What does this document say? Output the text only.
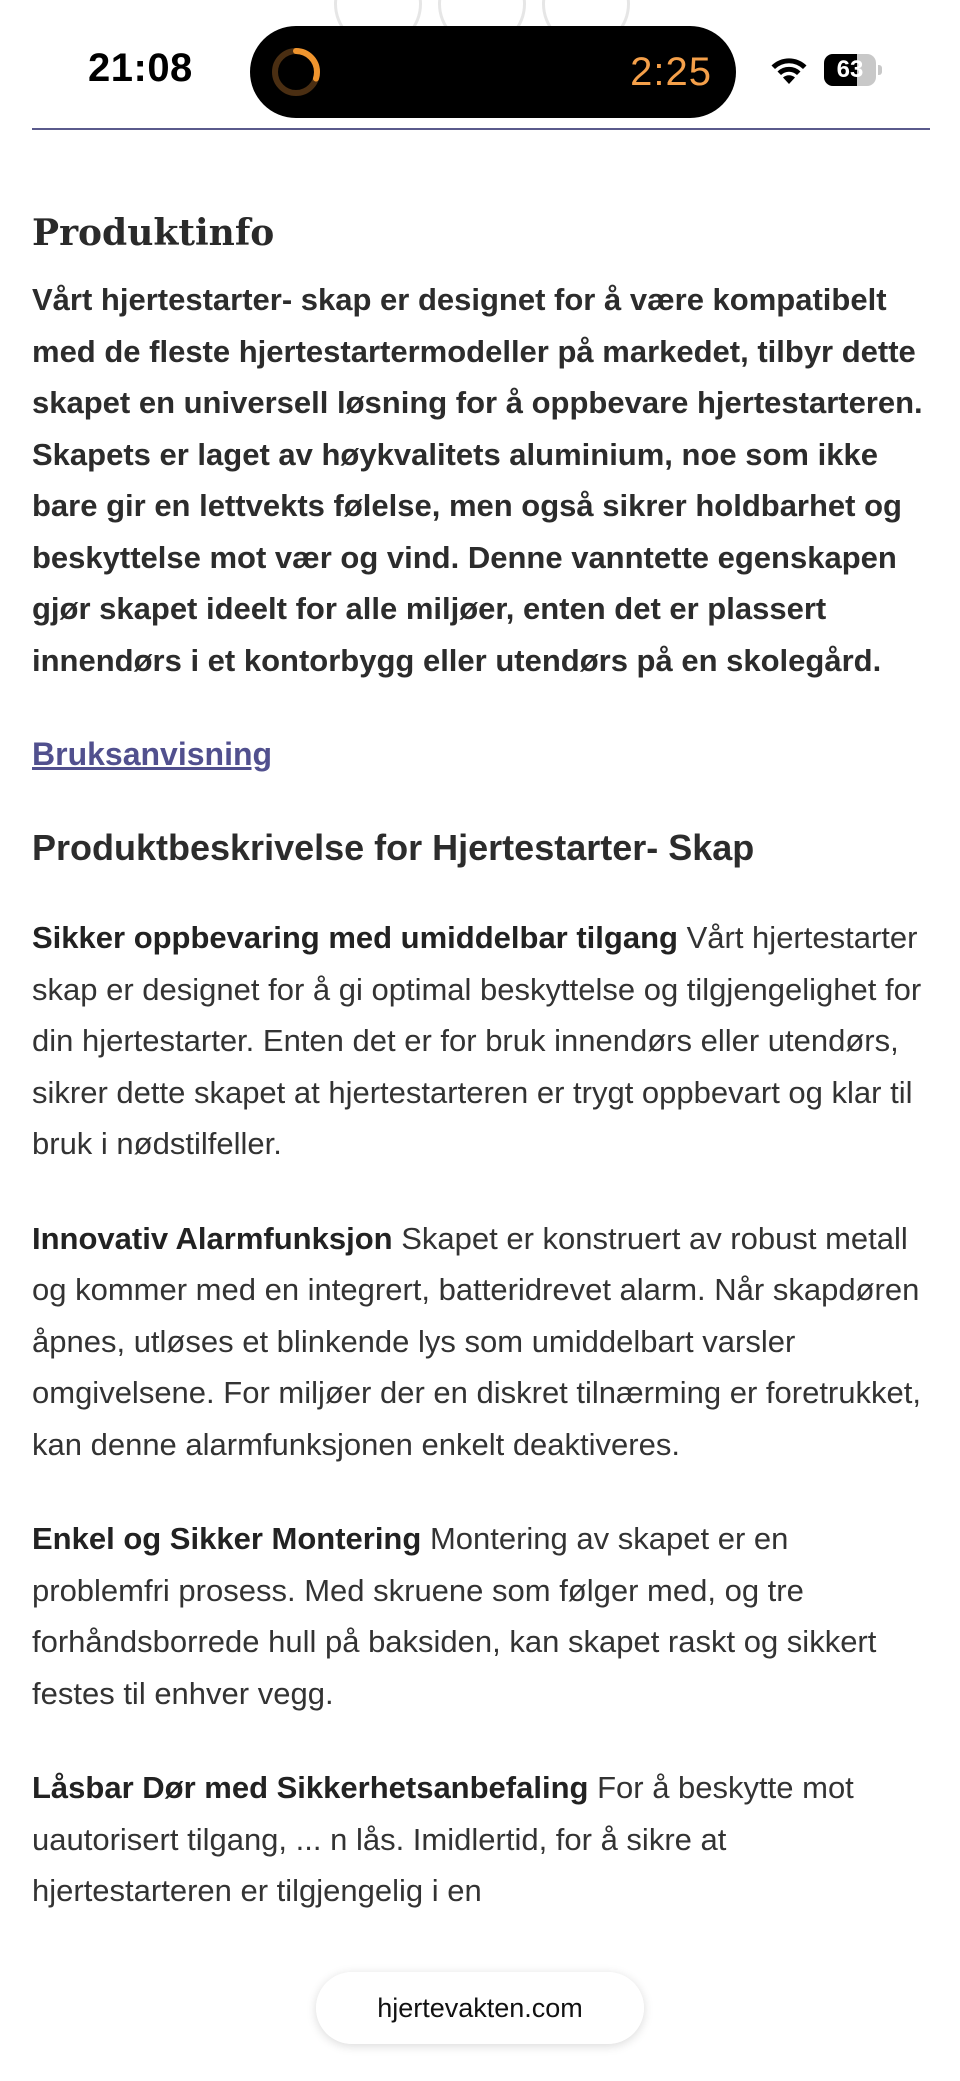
21:08	2:25	63
Produktinfo

Vårt hjertestarter- skap er designet for å være kompatibelt med de fleste hjertestartermodeller på markedet, tilbyr dette skapet en universell løsning for å oppbevare hjertestarteren. Skapets er laget av høykvalitets aluminium, noe som ikke bare gir en lettvekts følelse, men også sikrer holdbarhet og beskyttelse mot vær og vind. Denne vanntette egenskapen gjør skapet ideelt for alle miljøer, enten det er plassert innendørs i et kontorbygg eller utendørs på en skolegård.

Bruksanvisning
Produktbeskrivelse for Hjertestarter- Skap

Sikker oppbevaring med umiddelbar tilgang Vårt hjertestarter skap er designet for å gi optimal beskyttelse og tilgjengelighet for din hjertestarter. Enten det er for bruk innendørs eller utendørs, sikrer dette skapet at hjertestarteren er trygt oppbevart og klar til bruk i nødstilfeller.

Innovativ Alarmfunksjon Skapet er konstruert av robust metall og kommer med en integrert, batteridrevet alarm. Når skapdøren åpnes, utløses et blinkende lys som umiddelbart varsler omgivelsene. For miljøer der en diskret tilnærming er foretrukket, kan denne alarmfunksjonen enkelt deaktiveres.

Enkel og Sikker Montering Montering av skapet er en problemfri prosess. Med skruene som følger med, og tre forhåndsborrede hull på baksiden, kan skapet raskt og sikkert festes til enhver vegg.

Låsbar Dør med Sikkerhetsanbefaling For å beskytte mot uautorisert tilgang, ... n lås. Imidlertid, for å sikre at hjertestarteren er tilgjengelig i en

hjertevakten.com
